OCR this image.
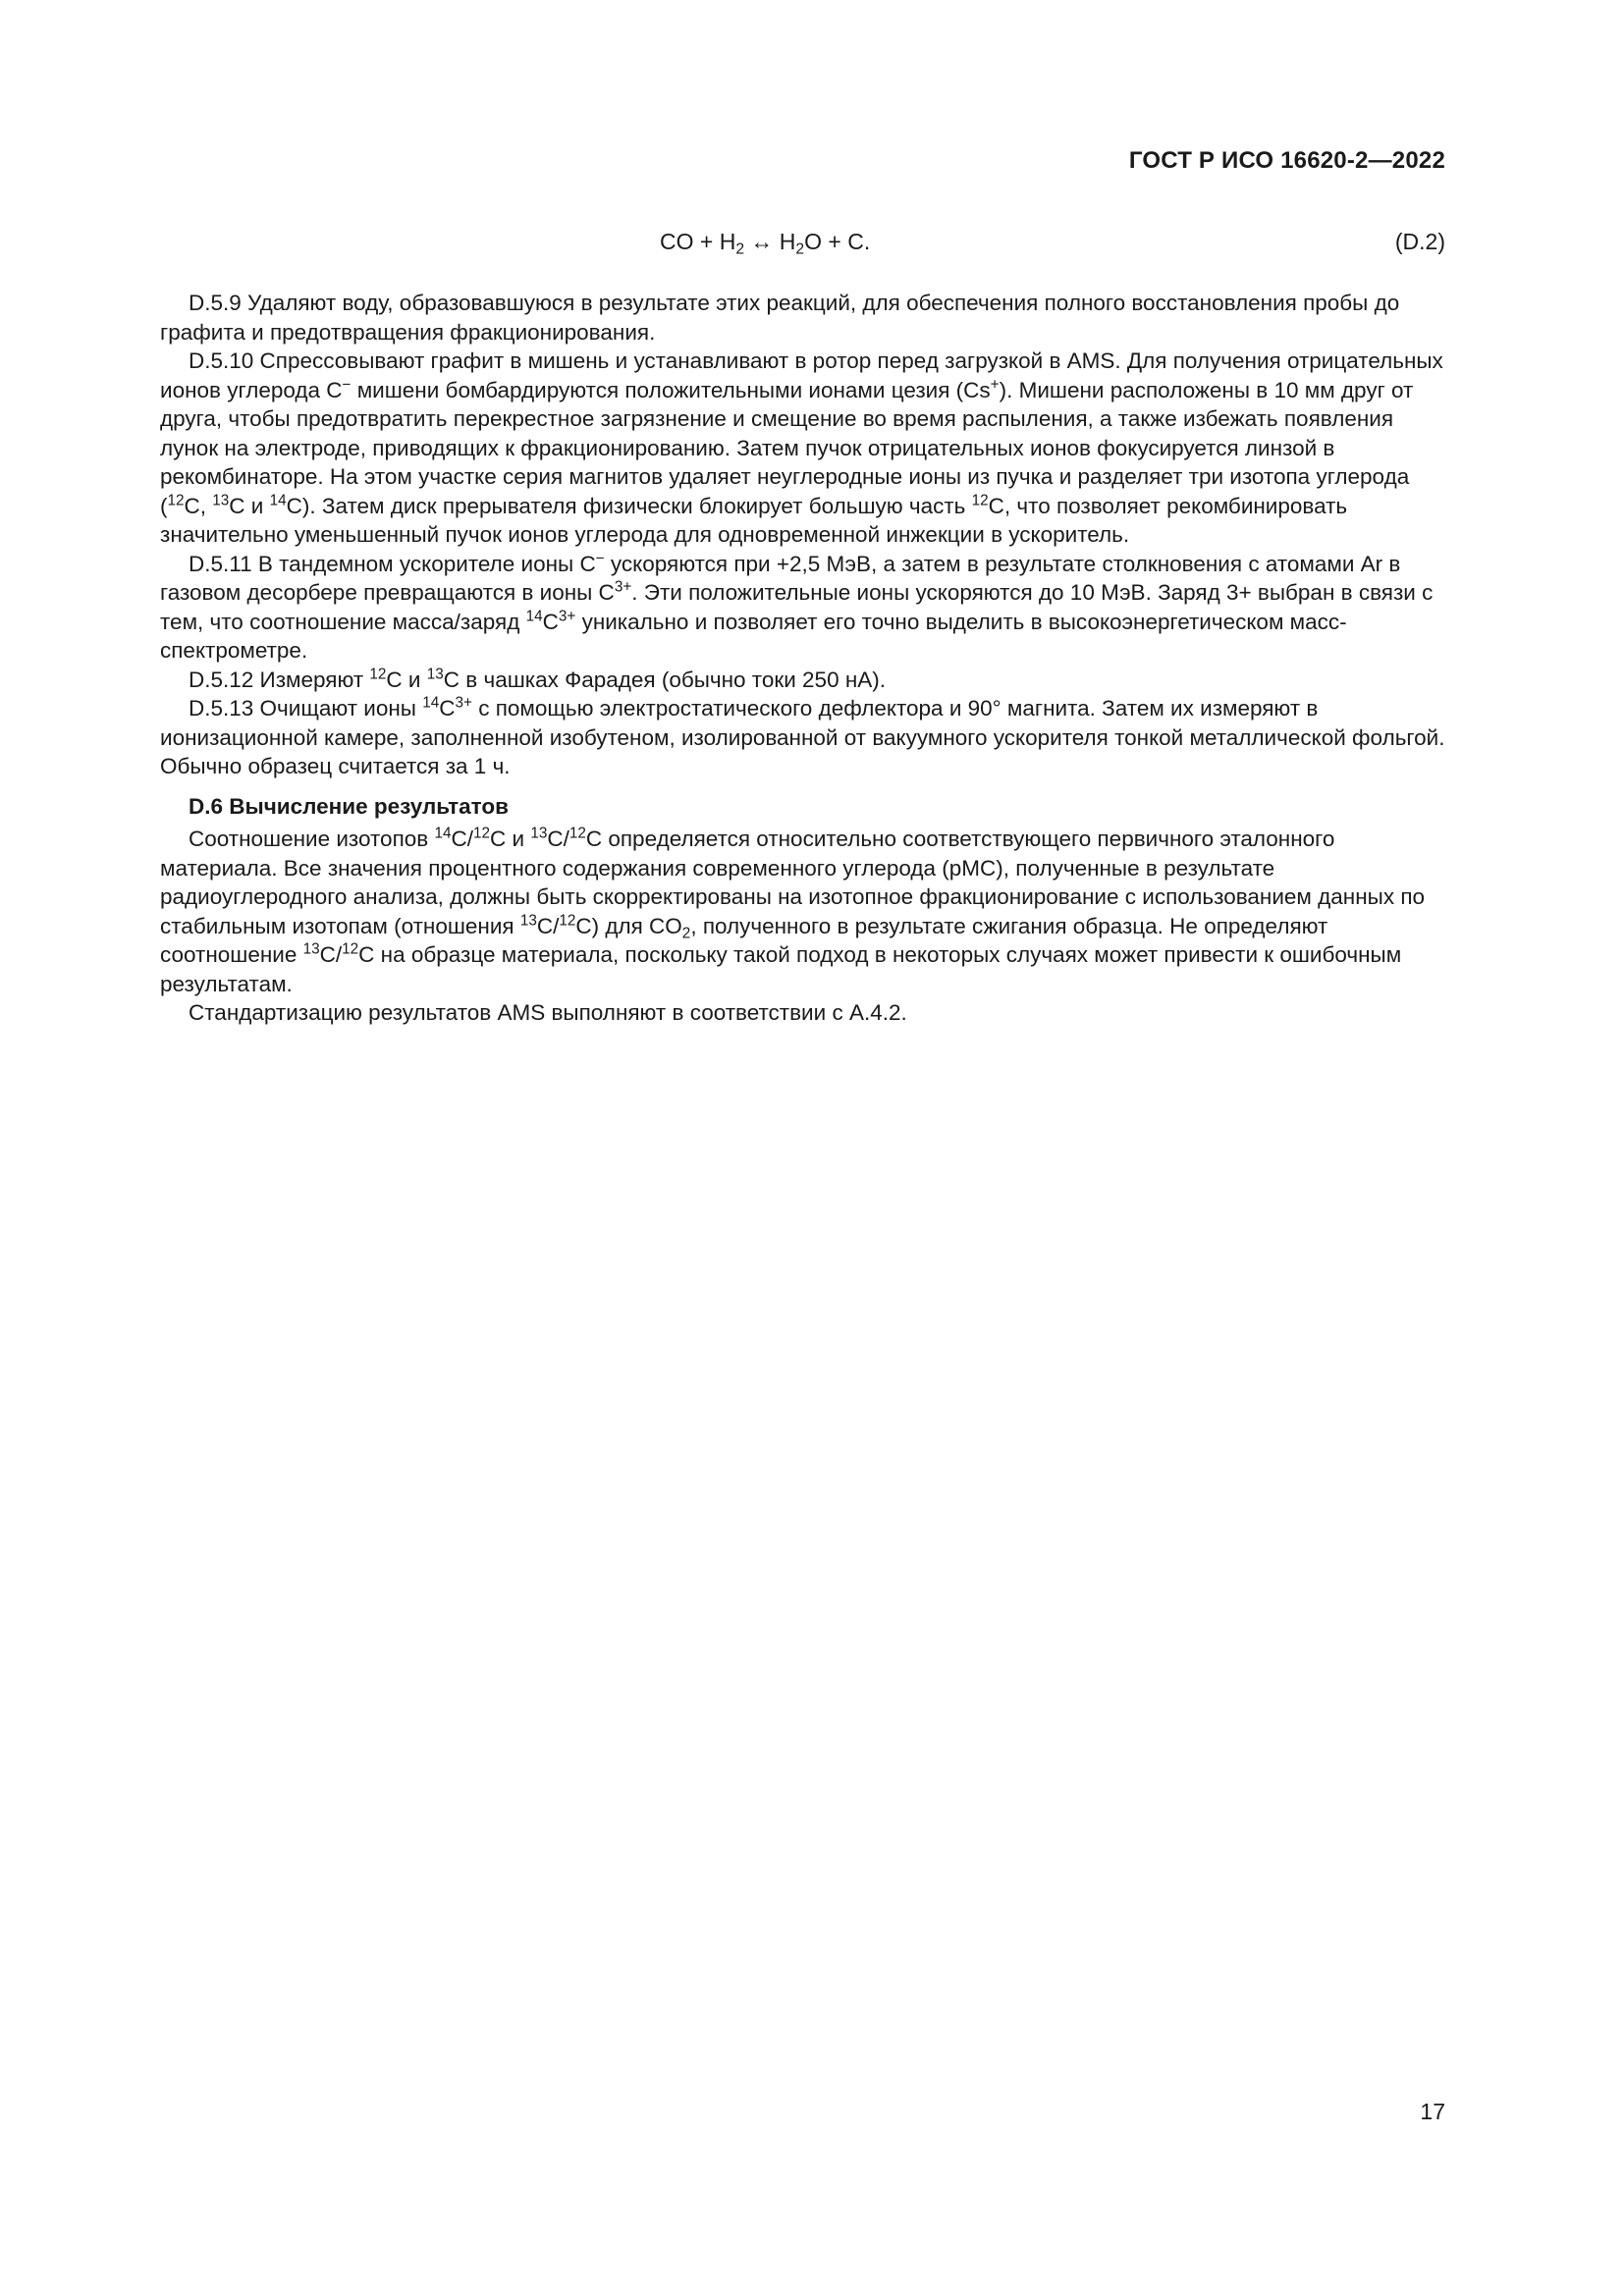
ГОСТ Р ИСО 16620-2—2022
CO + $H_2$ ↔ $H_2O + C$.	(D.2)

D.5.9 Удаляют воду, образовавшуюся в результате этих реакций, для обеспечения полного восстановления пробы до графита и предотвращения фракционирования.

D.5.10 Спрессовывают графит в мишень и устанавливают в ротор перед загрузкой в AMS. Для получения отрицательных ионов углерода C− мишени бомбардируются положительными ионами цезия (Cs+). Мишени расположены в 10 мм друг от друга, чтобы предотвратить перекрестное загрязнение и смещение во время распыления, а также избежать появления лунок на электроде, приводящих к фракционированию. Затем пучок отрицательных ионов фокусируется линзой в рекомбинаторе. На этом участке серия магнитов удаляет неуглеродные ионы из пучка и разделяет три изотопа углерода ($^{12}$C, $^{13}$C и $^{14}$C). Затем диск прерывателя физически блокирует большую часть $^{12}$C, что позволяет рекомбинировать значительно уменьшенный пучок ионов углерода для одновременной инжекции в ускоритель.

D.5.11 В тандемном ускорителе ионы C− ускоряются при +2,5 МэВ, а затем в результате столкновения с атомами Ar в газовом десорбере превращаются в ионы $C^{3+}$. Эти положительные ионы ускоряются до 10 МэВ. Заряд 3+ выбран в связи с тем, что соотношение масса/заряд $^{14}C^{3+}$ уникально и позволяет его точно выделить в высокоэнергетическом масс-спектрометре.

D.5.12 Измеряют $^{12}$C и $^{13}$C в чашках Фарадея (обычно токи 250 нА).

D.5.13 Очищают ионы $^{14}C^{3+}$ с помощью электростатического дефлектора и 90° магнита. Затем их измеряют в ионизационной камере, заполненной изобутеном, изолированной от вакуумного ускорителя тонкой металлической фольгой. Обычно образец считается за 1 ч.

D.6 Вычисление результатов

Соотношение изотопов $^{14}$C/$^{12}$C и $^{13}$C/$^{12}$C определяется относительно соответствующего первичного эталонного материала. Все значения процентного содержания современного углерода (pMC), полученные в результате радиоуглеродного анализа, должны быть скорректированы на изотопное фракционирование с использованием данных по стабильным изотопам (отношения $^{13}$C/$^{12}$C) для $CO_2$, полученного в результате сжигания образца. Не определяют соотношение $^{13}$C/$^{12}$C на образце материала, поскольку такой подход в некоторых случаях может привести к ошибочным результатам.

Стандартизацию результатов AMS выполняют в соответствии с А.4.2.

17
